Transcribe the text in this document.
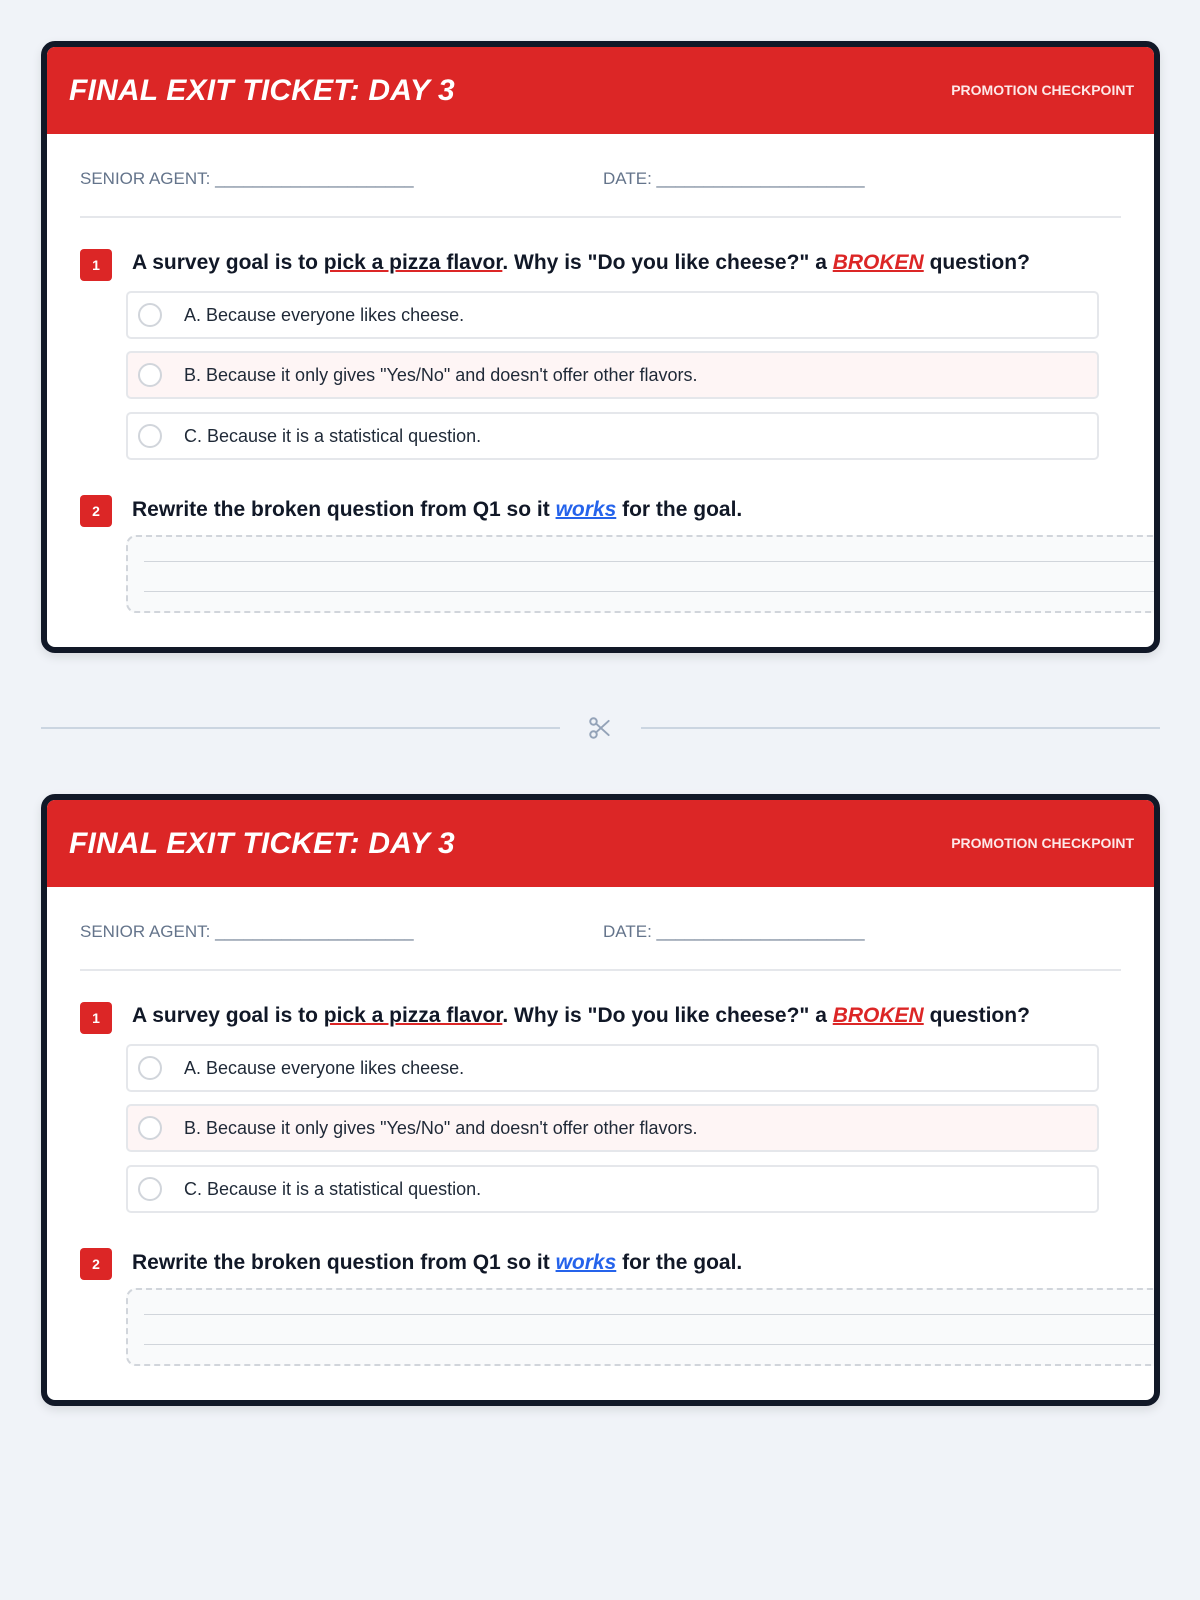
FINAL EXIT TICKET: DAY 3	PROMOTION CHECKPOINT
SENIOR AGENT: _____________________	DATE: ______________________
1	A survey goal is to pick a pizza flavor. Why is "Do you like cheese?" a BROKEN question?
A. Because everyone likes cheese.
B. Because it only gives "Yes/No" and doesn't offer other flavors.
C. Because it is a statistical question.
2	Rewrite the broken question from Q1 so it works for the goal.
FINAL EXIT TICKET: DAY 3	PROMOTION CHECKPOINT
SENIOR AGENT: _____________________	DATE: ______________________
1	A survey goal is to pick a pizza flavor. Why is "Do you like cheese?" a BROKEN question?
A. Because everyone likes cheese.
B. Because it only gives "Yes/No" and doesn't offer other flavors.
C. Because it is a statistical question.
2	Rewrite the broken question from Q1 so it works for the goal.
